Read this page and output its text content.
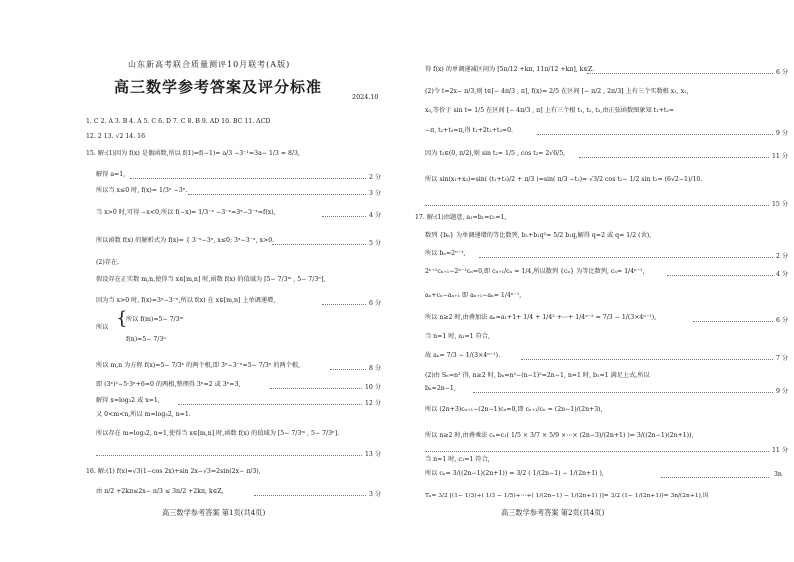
山东新高考联合质量测评10月联考(A版)
高三数学参考答案及评分标准
2024.10
1. C 2. A 3. B 4. A 5. C 6. D 7. C 8. B 9. AD 10. BC 11. ACD
12. 2 13. √2 14. 16
15. 解:(1)因为 f(x) 是偶函数,所以 f(1)=f(−1)= a/3 −3⁻¹=3a− 1/3 = 8/3,
解得 a=1,	2 分
所以当 x≤0 时, f(x)= 1/3ˣ −3ˣ.	3 分
当 x>0 时,可得 −x<0,所以 f(−x)= 1/3⁻ˣ −3⁻ˣ=3ˣ−3⁻ˣ=f(x),	4 分
所以函数 f(x) 的解析式为 f(x)= { 3⁻ˣ−3ˣ, x≤0; 3ˣ−3⁻ˣ, x>0.	5 分
(2)存在.
假设存在正实数 m,n,使得当 x∈[m,n] 时,函数 f(x) 的值域为 [5− 7/3ᵐ , 5− 7/3ⁿ],
因为当 x>0 时, f(x)=3ˣ−3⁻ˣ,所以 f(x) 在 x∈[m,n] 上单调递增,	6 分
{
所以
所以 f(m)=5− 7/3ᵐ
f(n)=5− 7/3ⁿ
所以 m,n 为方程 f(x)=5− 7/3ˣ 的两个根,即 3ˣ−3⁻ˣ=5− 7/3ˣ 的两个根,	8 分
即 (3ˣ)²−5·3ˣ+6=0 的两根,整理得 3ˣ=2 或 3ˣ=3,	10 分
解得 x=log₃2 或 x=1,	12 分
又 0<m<n,所以 m=log₃2, n=1.
所以存在 m=log₃2, n=1,使得当 x∈[m,n] 时,函数 f(x) 的值域为 [5− 7/3ᵐ , 5− 7/3ⁿ].
13 分
16. 解:(1) f(x)=√3(1−cos 2x)+sin 2x−√3=2sin(2x− π/3),
由 π/2 +2kπ≤2x− π/3 ≤ 3π/2 +2kπ, k∈Z,	3 分
高三数学参考答案 第1页(共4页)
得 f(x) 的单调递减区间为 [5π/12 +kπ, 11π/12 +kπ], k∈Z.	6 分
(2)令 t=2x− π/3,则 t∈[− 4π/3 , π], f(x)= 2/5 在区间 [− π/2 , 2π/3] 上有三个实数根 x₁, x₂,
x₃,等价于 sin t= 1/5 在区间 [− 4π/3 , π] 上有三个根 t₁, t₂, t₃,由正弦函数图象知 t₁+t₂=
−π, t₂+t₃=π,得 t₁+2t₂+t₃=0.	9 分
因为 t₂∈(0, π/2),则 sin t₂= 1/5 , cos t₂= 2√6/5,	11 分
所以 sin(x₁+x₃)=sin( (t₁+t₃)/2 + π/3 )=sin( π/3 −t₂)= √3/2 cos t₂− 1/2 sin t₂= (6√2−1)/10.
15 分
17. 解:(1)由题意, a₁=b₁=c₁=1,
数列 {bₙ} 为单调递增的等比数列, b₁+b₁q²= 5/2 b₁q,解得 q=2 或 q= 1/2 (舍),
所以 bₙ=2ⁿ⁻¹,	2 分
2ⁿ⁺¹cₙ₊₁−2ⁿ⁻¹cₙ=0,即 cₙ₊₁/cₙ = 1/4,所以数列 {cₙ} 为等比数列, cₙ= 1/4ⁿ⁻¹,	4 分
aₙ+cₙ−aₙ₊₁ 即 aₙ₊₁−aₙ= 1/4ⁿ⁻¹,
所以 n≥2 时,由叠加法 aₙ=a₁+1+ 1/4 + 1/4² +⋯+ 1/4ⁿ⁻² = 7/3 − 1/(3×4ⁿ⁻¹),	6 分
当 n=1 时, a₁=1 符合,
故 aₙ= 7/3 − 1/(3×4ⁿ⁻¹).	7 分
(2)由 Sₙ=n² 得, n≥2 时, bₙ=n²−(n−1)²=2n−1, n=1 时, b₁=1 满足上式,所以
bₙ=2n−1,	9 分
所以 (2n+3)cₙ₊₁−(2n−1)cₙ=0,即 cₙ₊₁/cₙ = (2n−1)/(2n+3),
所以 n≥2 时,由叠乘法 cₙ=c₁( 1/5 × 3/7 × 5/9 ×⋯× (2n−3)/(2n+1) )= 3/((2n−1)(2n+1)),
11 分
当 n=1 时, c₁=1 符合,
所以 cₙ= 3/((2n−1)(2n+1)) = 3/2 ( 1/(2n−1) − 1/(2n+1) ),	3n
Tₙ= 3/2 [(1− 1/3)+( 1/3 − 1/5)+⋯+( 1/(2n−1) − 1/(2n+1) )]= 3/2 (1− 1/(2n+1))= 3n/(2n+1),因
高三数学参考答案 第2页(共4页)
